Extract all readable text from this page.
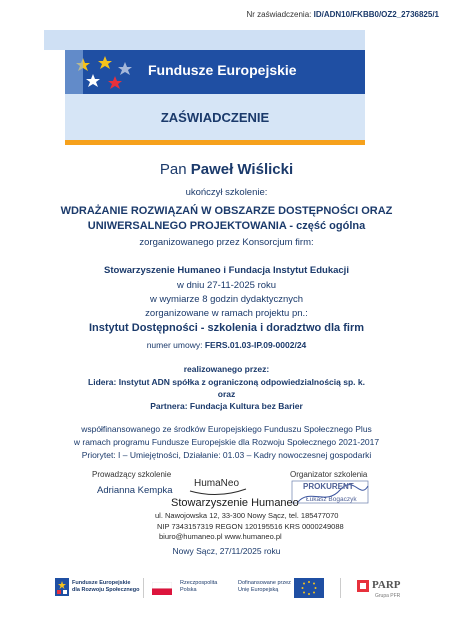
Nr zaświadczenia: ID/ADN10/FKBB0/OZ2_2736825/1
Fundusze Europejskie
ZAŚWIADCZENIE
Pan Paweł Wiślicki
ukończył szkolenie:
WDRAŻANIE ROZWIĄZAŃ W OBSZARZE DOSTĘPNOŚCI ORAZ
UNIWERSALNEGO PROJEKTOWANIA - część ogólna
zorganizowanego przez Konsorcjum firm:
Stowarzyszenie Humaneo i Fundacja Instytut Edukacji
w dniu 27-11-2025 roku
w wymiarze 8 godzin dydaktycznych
zorganizowane w ramach projektu pn.:
Instytut Dostępności - szkolenia i doradztwo dla firm
numer umowy: FERS.01.03-IP.09-0002/24
realizowanego przez:
Lidera: Instytut ADN spółka z ograniczoną odpowiedzialnością sp. k.
oraz
Partnera: Fundacja Kultura bez Barier
współfinansowanego ze środków Europejskiego Funduszu Społecznego Plus
w ramach programu Fundusze Europejskie dla Rozwoju Społecznego 2021-2017
Priorytet: I – Umiejętności, Działanie: 01.03 – Kadry nowoczesnej gospodarki
Prowadzący szkolenie
Adrianna Kempka
Organizator szkolenia
PROKURENT
Łukasz Bogaczyk
HumaNeo
Stowarzyszenie Humaneo
ul. Nawojowska 12, 33-300 Nowy Sącz, tel. 185477070
NIP 7343157319 REGON 120195516 KRS 0000249088
biuro@humaneo.pl www.humaneo.pl
Nowy Sącz, 27/11/2025 roku
Fundusze Europejskie
dla Rozwoju Społecznego
Rzeczpospolita
Polska
Dofinansowane przez
Unię Europejską	PARP
Grupa PFR
